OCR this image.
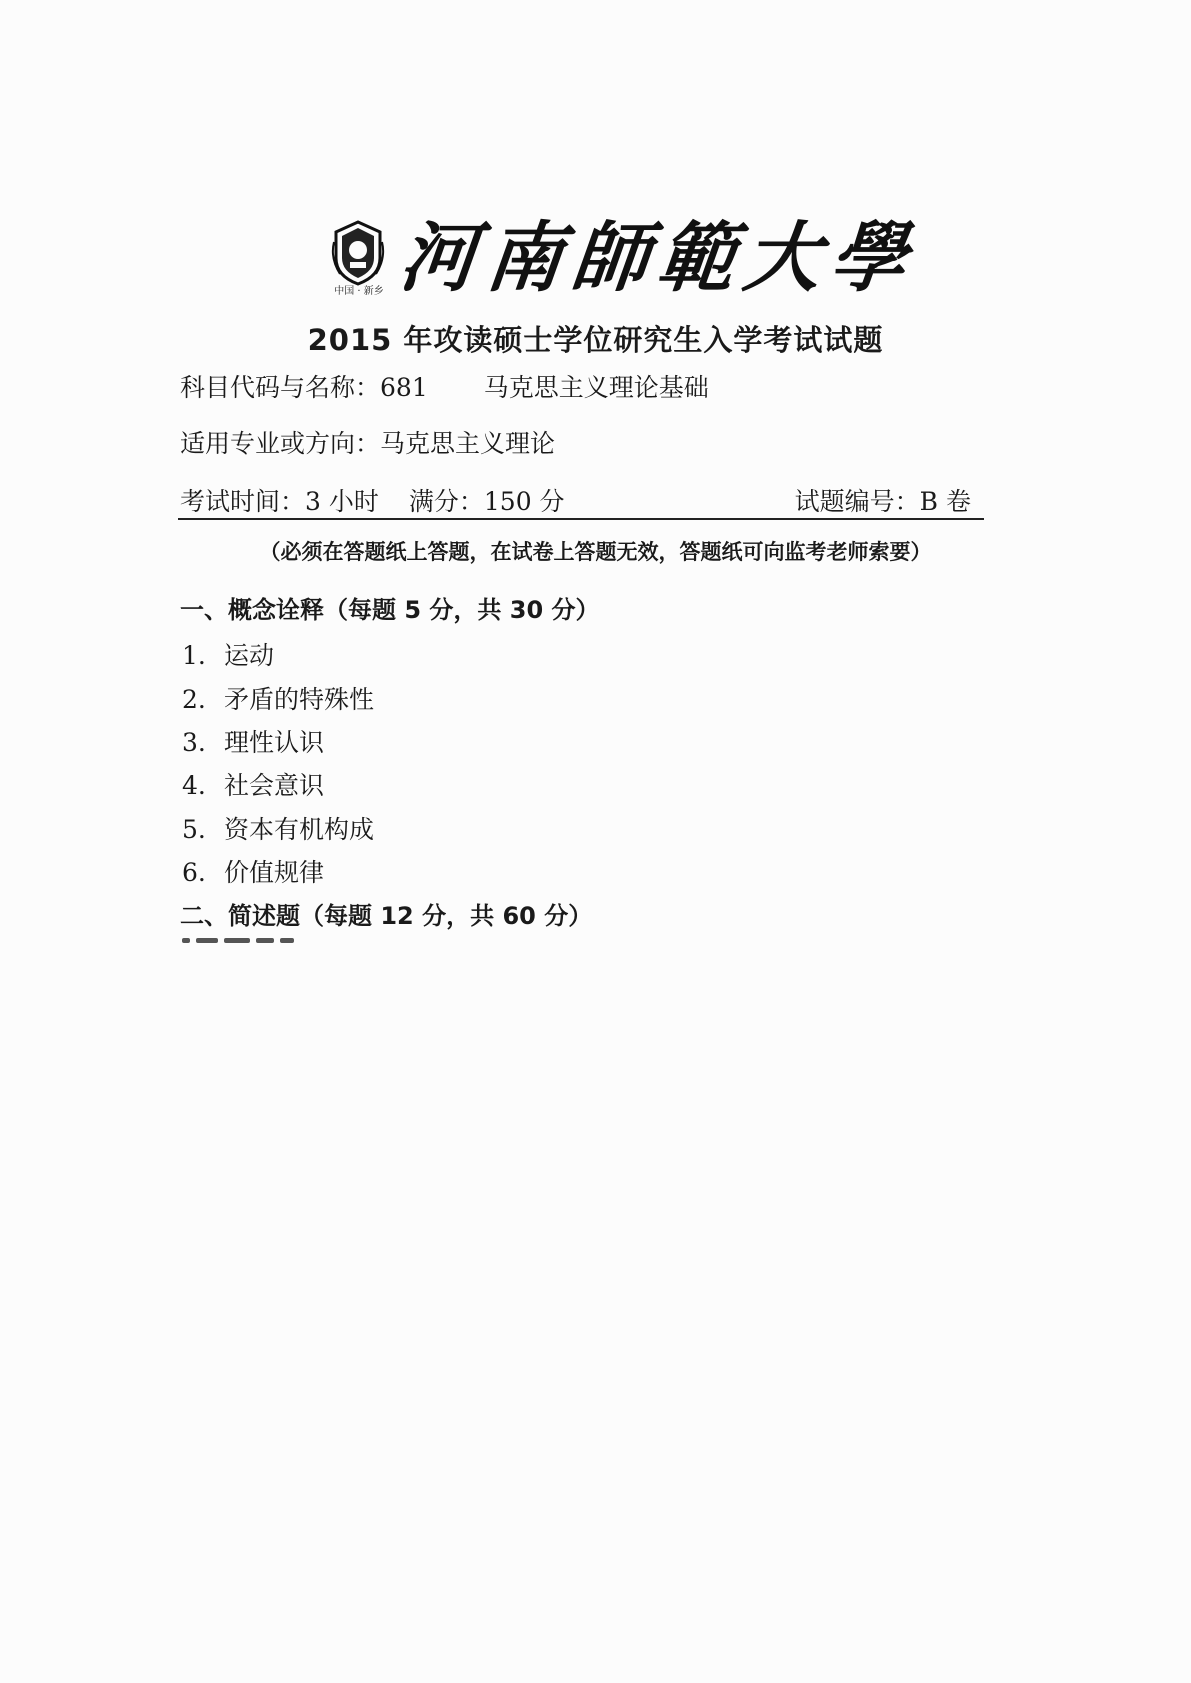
中国 · 新乡 河南師範大學
2015 年攻读硕士学位研究生入学考试试题
科目代码与名称：681 马克思主义理论基础
适用专业或方向：马克思主义理论
考试时间：3 小时 满分：150 分	试题编号：B 卷
（必须在答题纸上答题，在试卷上答题无效，答题纸可向监考老师索要）
一、概念诠释（每题 5 分，共 30 分）
1. 运动
2. 矛盾的特殊性
3. 理性认识
4. 社会意识
5. 资本有机构成
6. 价值规律
二、简述题（每题 12 分，共 60 分）
